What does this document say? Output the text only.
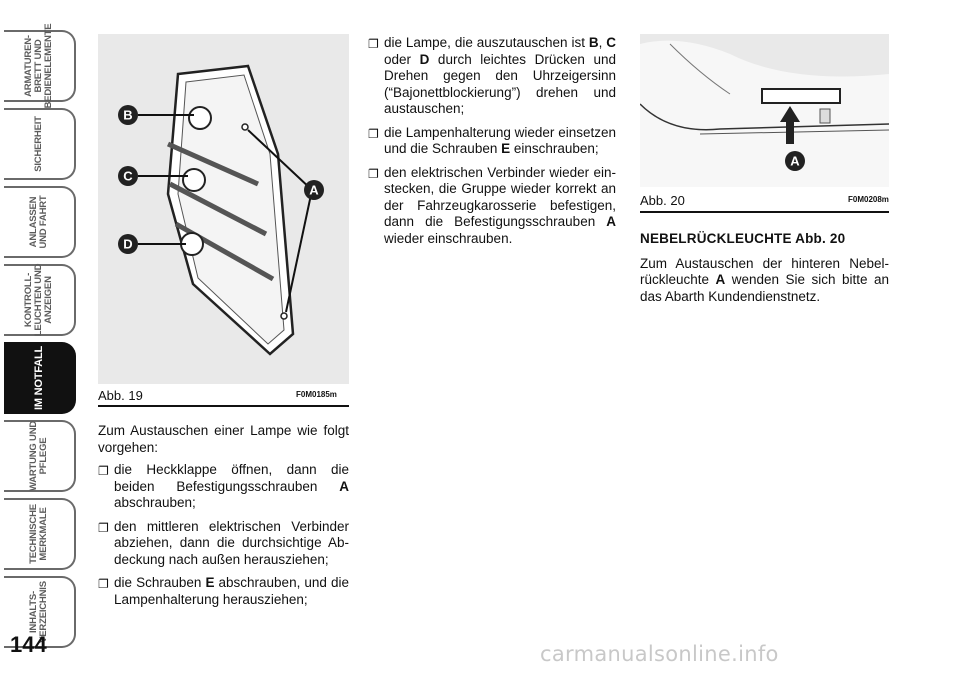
ARMATUREN-
BRETT UND
BEDIENELEMENTE
SICHERHEIT
ANLASSEN
UND FAHRT
KONTROLL-
LEUCHTEN UND
ANZEIGEN
IM NOTFALL
WARTUNG UND
PFLEGE
TECHNISCHE
MERKMALE
INHALTS-
VERZEICHNIS
144
B
C
D
A
Abb. 19	F0M0185m
A
Abb. 20	F0M0208m

Zum Austauschen einer Lampe wie folgt vorgehen:

❐ die Heckklappe öffnen, dann die beiden Befestigungsschrauben A abschrauben;
❐ den mittleren elektrischen Verbinder abziehen, dann die durchsichtige Abdeckung nach außen herausziehen;
❐ die Schrauben E abschrauben, und die Lampenhalterung herausziehen;
❐ die Lampe, die auszutauschen ist B, C oder D durch leichtes Drücken und Drehen gegen den Uhrzeigersinn (“Bajonettblockierung”) drehen und austauschen;
❐ die Lampenhalterung wieder einsetzen und die Schrauben E einschrauben;
❐ den elektrischen Verbinder wieder einstecken, die Gruppe wieder korrekt an der Fahrzeugkarosserie befestigen, dann die Befestigungsschrauben A wieder einschrauben.	NEBELRÜCKLEUCHTE Abb. 20

Zum Austauschen der hinteren Nebelrückleuchte A wenden Sie sich bitte an das Abarth Kundendienstnetz.

carmanualsonline.info
